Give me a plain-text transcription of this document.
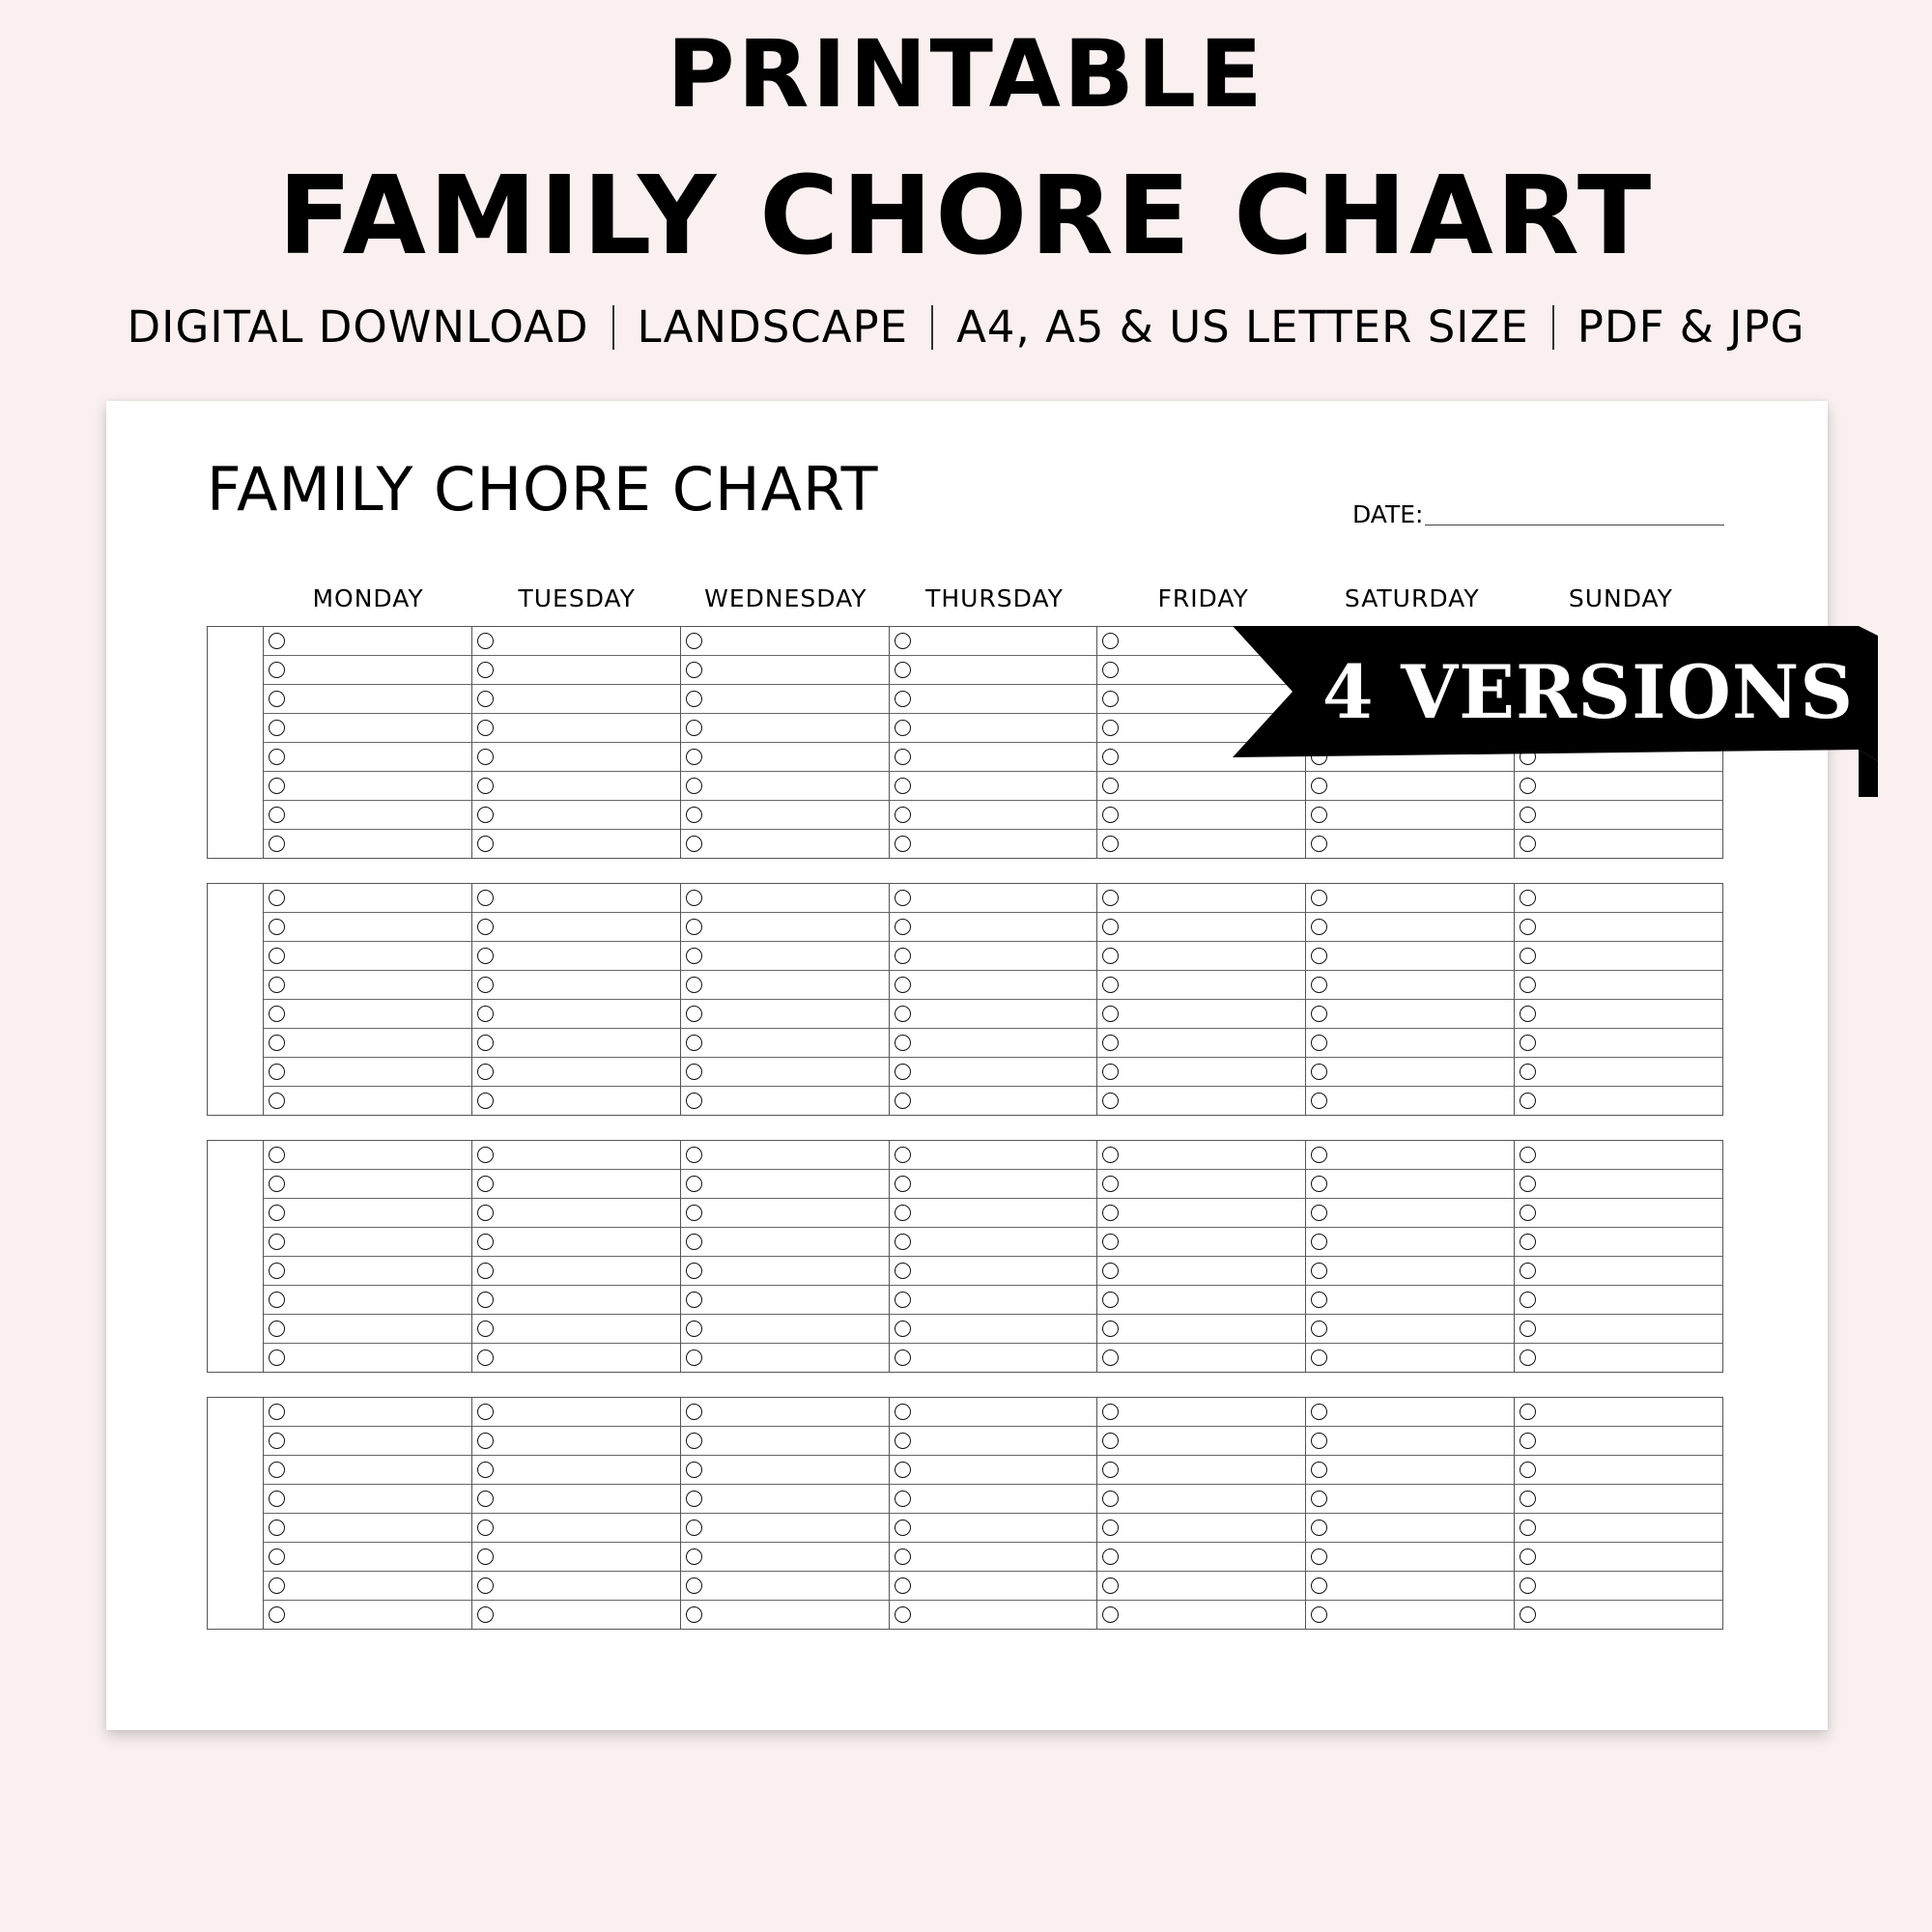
PRINTABLE
FAMILY CHORE CHART
DIGITAL DOWNLOAD LANDSCAPE A4, A5 & US LETTER SIZE PDF & JPG
FAMILY CHORE CHART	DATE:
MONDAY	TUESDAY	WEDNESDAY	THURSDAY	FRIDAY	SATURDAY	SUNDAY
4 VERSIONS
